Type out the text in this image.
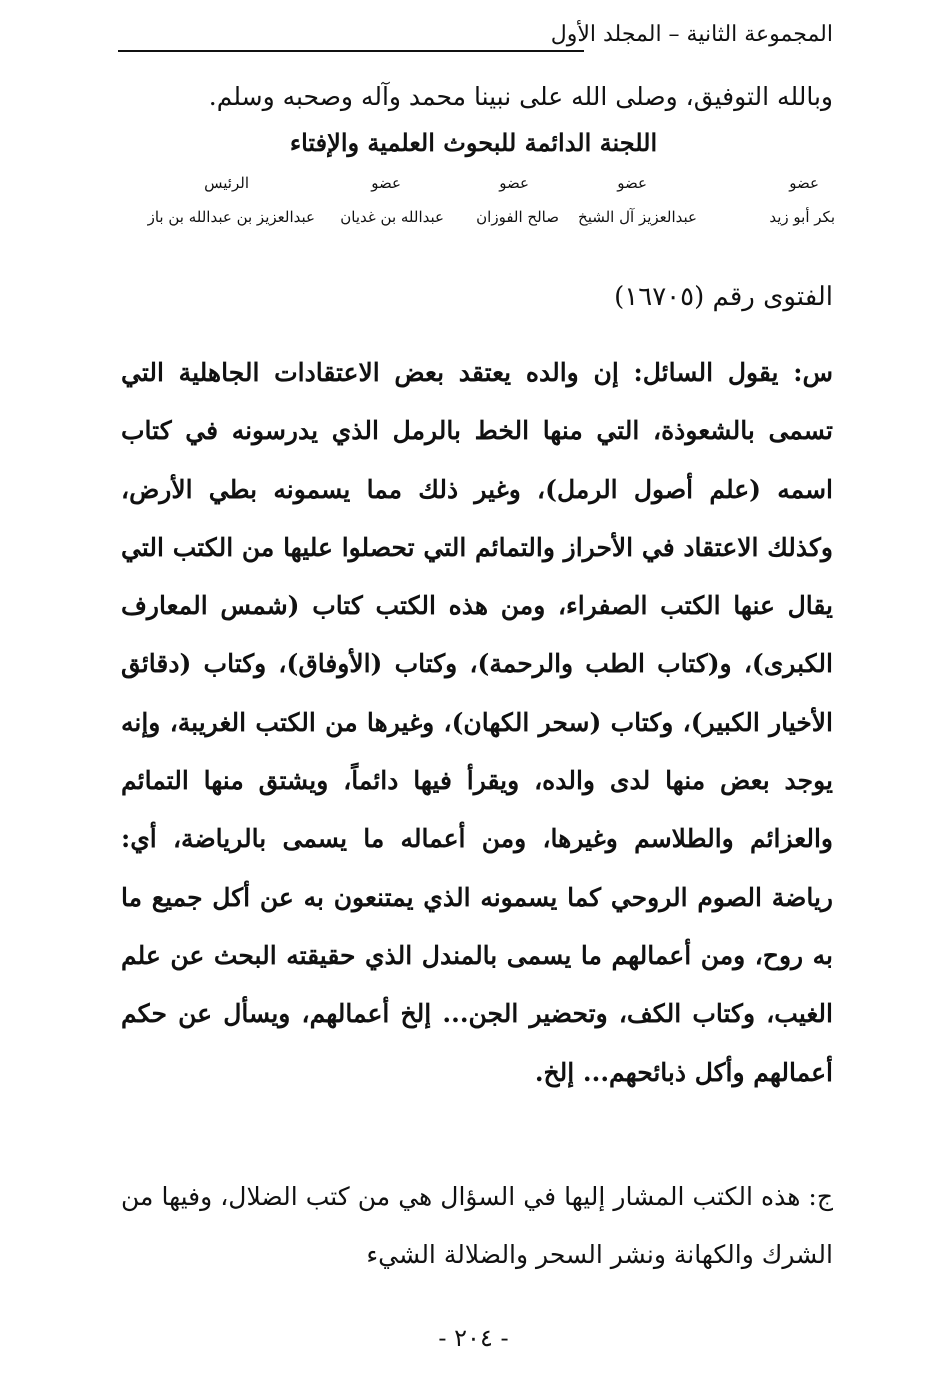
المجموعة الثانية – المجلد الأول
وبالله التوفيق، وصلى الله على نبينا محمد وآله وصحبه وسلم.
اللجنة الدائمة للبحوث العلمية والإفتاء
عضو
بكر أبو زيد
عضو
عبدالعزيز آل الشيخ
عضو
صالح الفوزان
عضو
عبدالله بن غديان
الرئيس
عبدالعزيز بن عبدالله بن باز
الفتوى رقم (١٦٧٠٥)
س: يقول السائل: إن والده يعتقد بعض الاعتقادات الجاهلية التي تسمى بالشعوذة، التي منها الخط بالرمل الذي يدرسونه في كتاب اسمه (علم أصول الرمل)، وغير ذلك مما يسمونه بطي الأرض، وكذلك الاعتقاد في الأحراز والتمائم التي تحصلوا عليها من الكتب التي يقال عنها الكتب الصفراء، ومن هذه الكتب كتاب (شمس المعارف الكبرى)، و(كتاب الطب والرحمة)، وكتاب (الأوفاق)، وكتاب (دقائق الأخيار الكبير)، وكتاب (سحر الكهان)، وغيرها من الكتب الغريبة، وإنه يوجد بعض منها لدى والده، ويقرأ فيها دائماً، ويشتق منها التمائم والعزائم والطلاسم وغيرها، ومن أعماله ما يسمى بالرياضة، أي: رياضة الصوم الروحي كما يسمونه الذي يمتنعون به عن أكل جميع ما به روح، ومن أعمالهم ما يسمى بالمندل الذي حقيقته البحث عن علم الغيب، وكتاب الكف، وتحضير الجن... إلخ أعمالهم، ويسأل عن حكم أعمالهم وأكل ذبائحهم... إلخ.
ج: هذه الكتب المشار إليها في السؤال هي من كتب الضلال، وفيها من الشرك والكهانة ونشر السحر والضلالة الشيء
- ٢٠٤ -
